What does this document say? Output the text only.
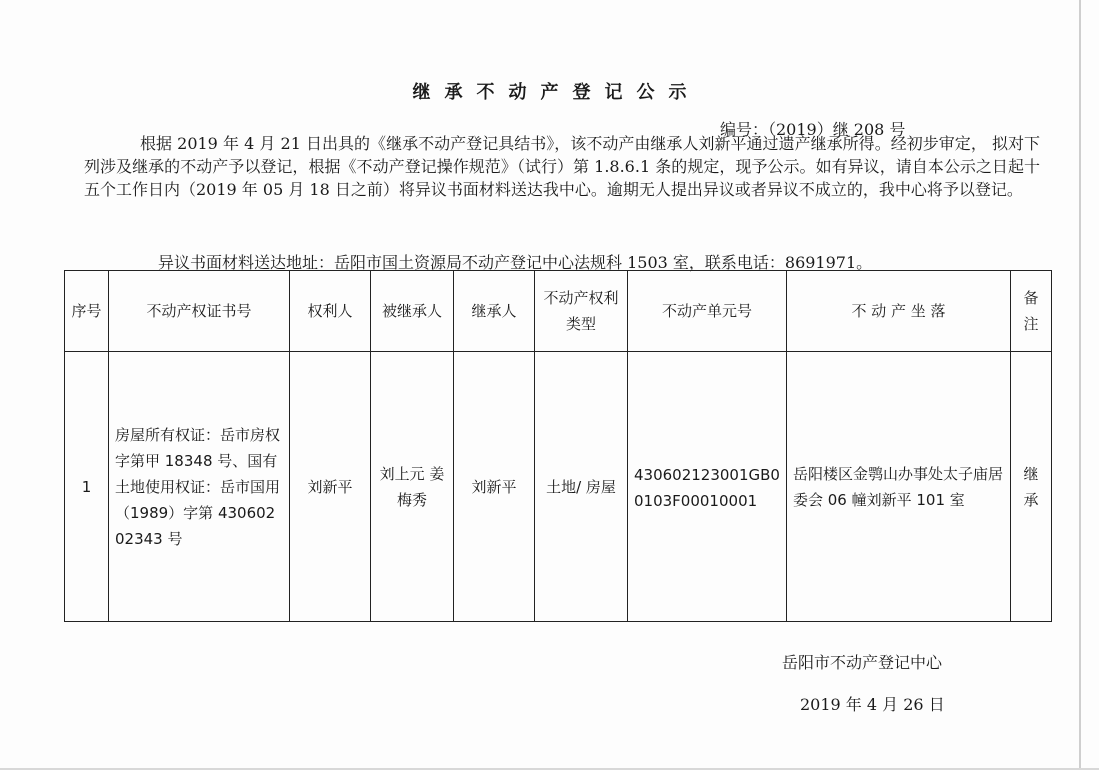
继承不动产登记公示
编号：（2019）继 208 号
根据 2019 年 4 月 21 日出具的《继承不动产登记具结书》，该不动产由继承人刘新平通过遗产继承所得。经初步审定， 拟对下列涉及继承的不动产予以登记，根据《不动产登记操作规范》（试行）第 1.8.6.1 条的规定，现予公示。如有异议，请自本公示之日起十五个工作日内（2019 年 05 月 18 日之前）将异议书面材料送达我中心。逾期无人提出异议或者异议不成立的，我中心将予以登记。
异议书面材料送达地址：岳阳市国土资源局不动产登记中心法规科 1503 室，联系电话：8691971。
序号	不动产权证书号	权利人	被继承人	继承人	不动产权利类型	不动产单元号	不 动 产 坐 落	备注
1	房屋所有权证：岳市房权字第甲 18348 号、国有土地使用权证：岳市国用（1989）字第 43060202343 号	刘新平	刘上元 姜梅秀	刘新平	土地/ 房屋	430602123001GB0 0103F00010001	岳阳楼区金鹗山办事处太子庙居委会 06 幢刘新平 101 室	继承
岳阳市不动产登记中心
2019 年 4 月 26 日
